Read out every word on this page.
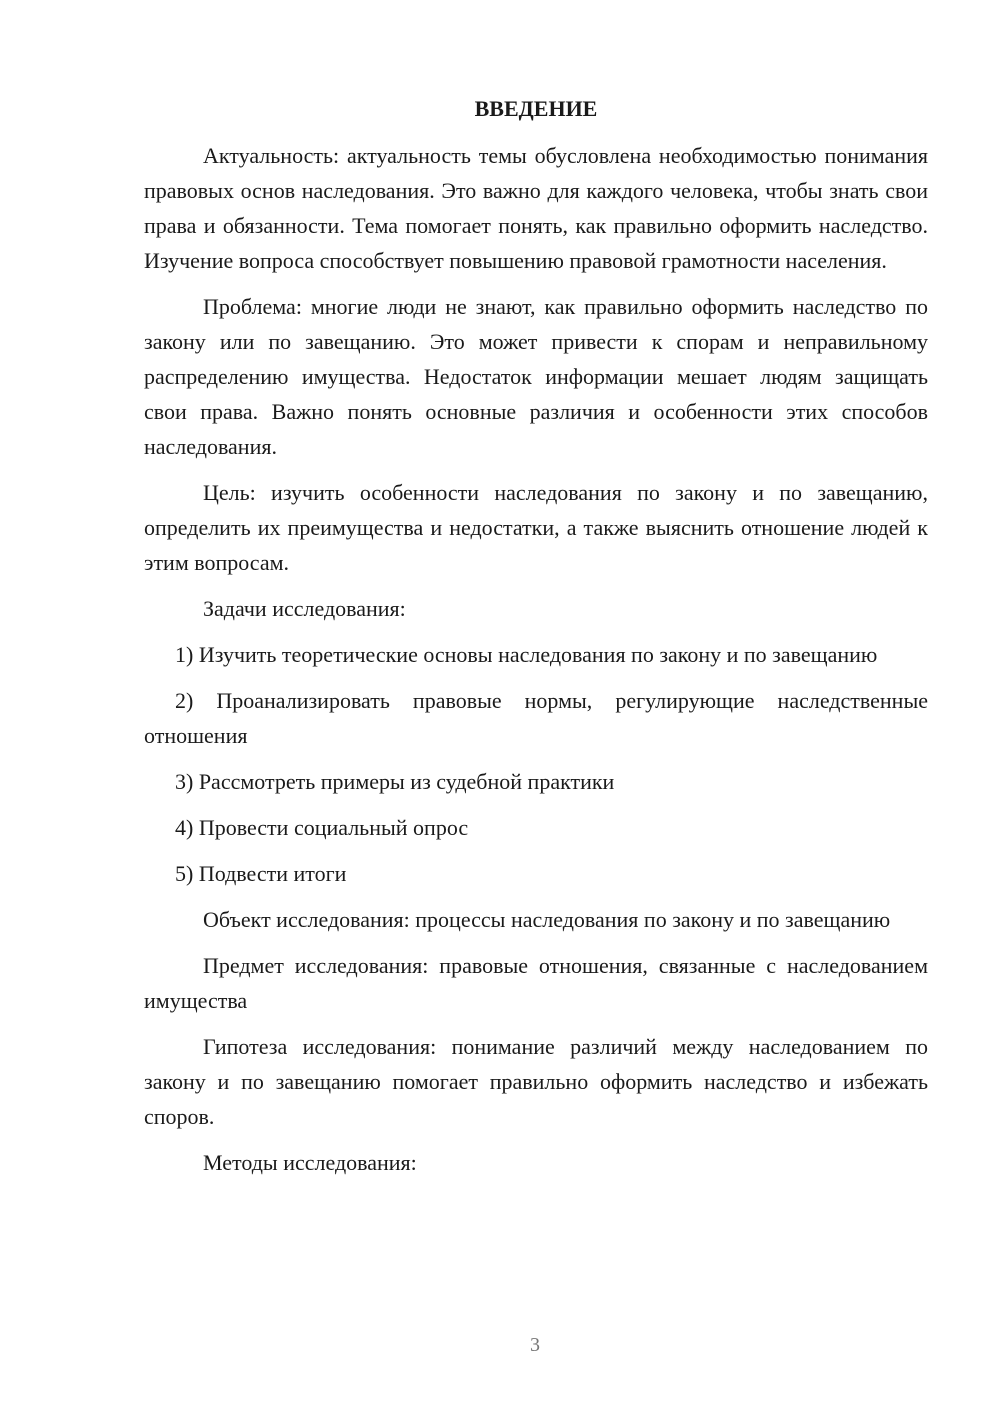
ВВЕДЕНИЕ

Актуальность: актуальность темы обусловлена необходимостью понимания правовых основ наследования. Это важно для каждого человека, чтобы знать свои права и обязанности. Тема помогает понять, как правильно оформить наследство. Изучение вопроса способствует повышению правовой грамотности населения.

Проблема: многие люди не знают, как правильно оформить наследство по закону или по завещанию. Это может привести к спорам и неправильному распределению имущества. Недостаток информации мешает людям защищать свои права. Важно понять основные различия и особенности этих способов наследования.

Цель: изучить особенности наследования по закону и по завещанию, определить их преимущества и недостатки, а также выяснить отношение людей к этим вопросам.

Задачи исследования:

1) Изучить теоретические основы наследования по закону и по завещанию

2) Проанализировать правовые нормы, регулирующие наследственные отношения

3) Рассмотреть примеры из судебной практики

4) Провести социальный опрос

5) Подвести итоги

Объект исследования: процессы наследования по закону и по завещанию

Предмет исследования: правовые отношения, связанные с наследованием имущества

Гипотеза исследования: понимание различий между наследованием по закону и по завещанию помогает правильно оформить наследство и избежать споров.

Методы исследования:

3
